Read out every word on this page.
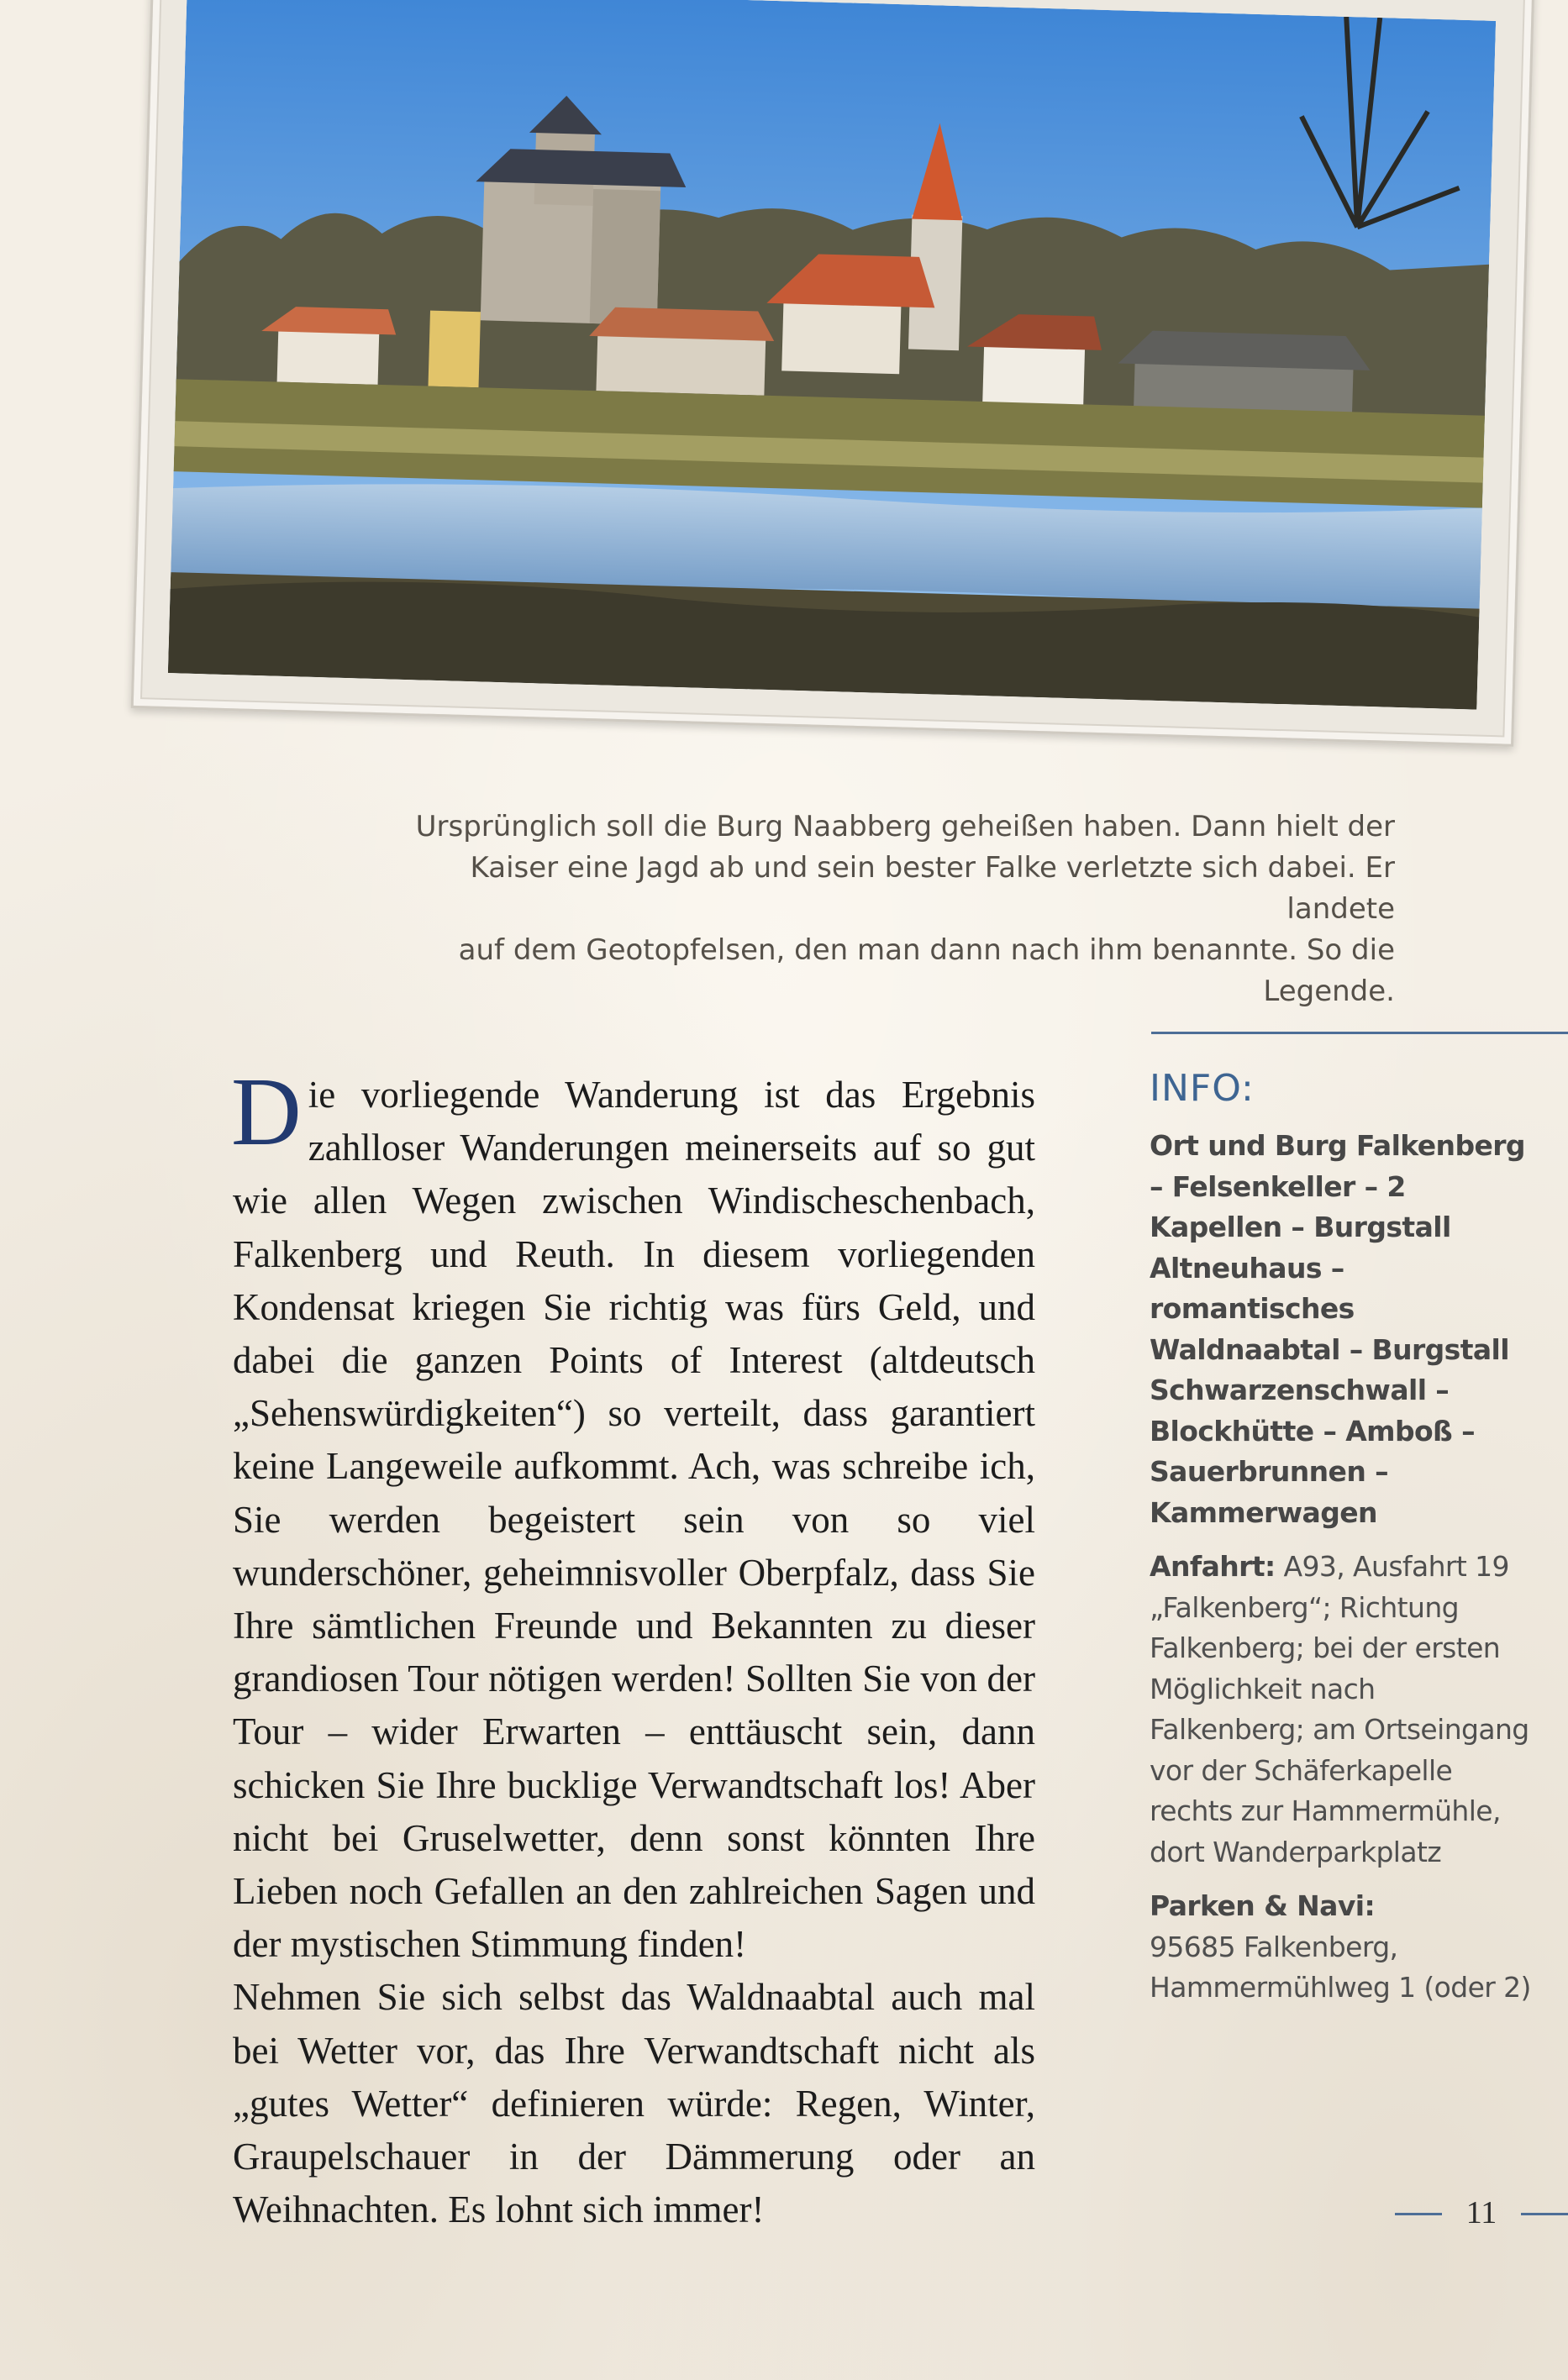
Ursprünglich soll die Burg Naabberg geheißen haben. Dann hielt der
Kaiser eine Jagd ab und sein bester Falke verletzte sich dabei. Er landete
auf dem Geotopfelsen, den man dann nach ihm benannte. So die Legende.

Die vorliegende Wanderung ist das Ergebnis zahlloser Wanderungen meinerseits auf so gut wie allen Wegen zwischen Windischeschenbach, Falkenberg und Reuth. In diesem vorliegenden Kondensat kriegen Sie richtig was fürs Geld, und dabei die ganzen Points of Interest (altdeutsch „Sehenswürdigkeiten“) so verteilt, dass garantiert keine Langeweile aufkommt. Ach, was schreibe ich, Sie werden begeistert sein von so viel wunderschöner, geheimnisvoller Oberpfalz, dass Sie Ihre sämtlichen Freunde und Bekannten zu dieser grandiosen Tour nötigen werden! Sollten Sie von der Tour – wider Erwarten – enttäuscht sein, dann schicken Sie Ihre bucklige Verwandtschaft los! Aber nicht bei Gruselwetter, denn sonst könnten Ihre Lieben noch Gefallen an den zahlreichen Sagen und der mystischen Stimmung finden!

Nehmen Sie sich selbst das Waldnaabtal auch mal bei Wetter vor, das Ihre Verwandtschaft nicht als „gutes Wetter“ definieren würde: Regen, Winter, Graupelschauer in der Dämmerung oder an Weihnachten. Es lohnt sich immer!

INFO:
Ort und Burg Falkenberg – Felsenkeller – 2 Kapellen – Burgstall Altneuhaus – romantisches Waldnaabtal – Burgstall Schwarzenschwall – Blockhütte – Amboß – Sauerbrunnen – Kammerwagen
Anfahrt: A93, Ausfahrt 19 „Falkenberg“; Richtung Falkenberg; bei der ersten Möglichkeit nach Falkenberg; am Ortseingang vor der Schäferkapelle rechts zur Hammermühle, dort Wanderparkplatz
Parken & Navi:
95685 Falkenberg, Hammermühlweg 1 (oder 2)
11
